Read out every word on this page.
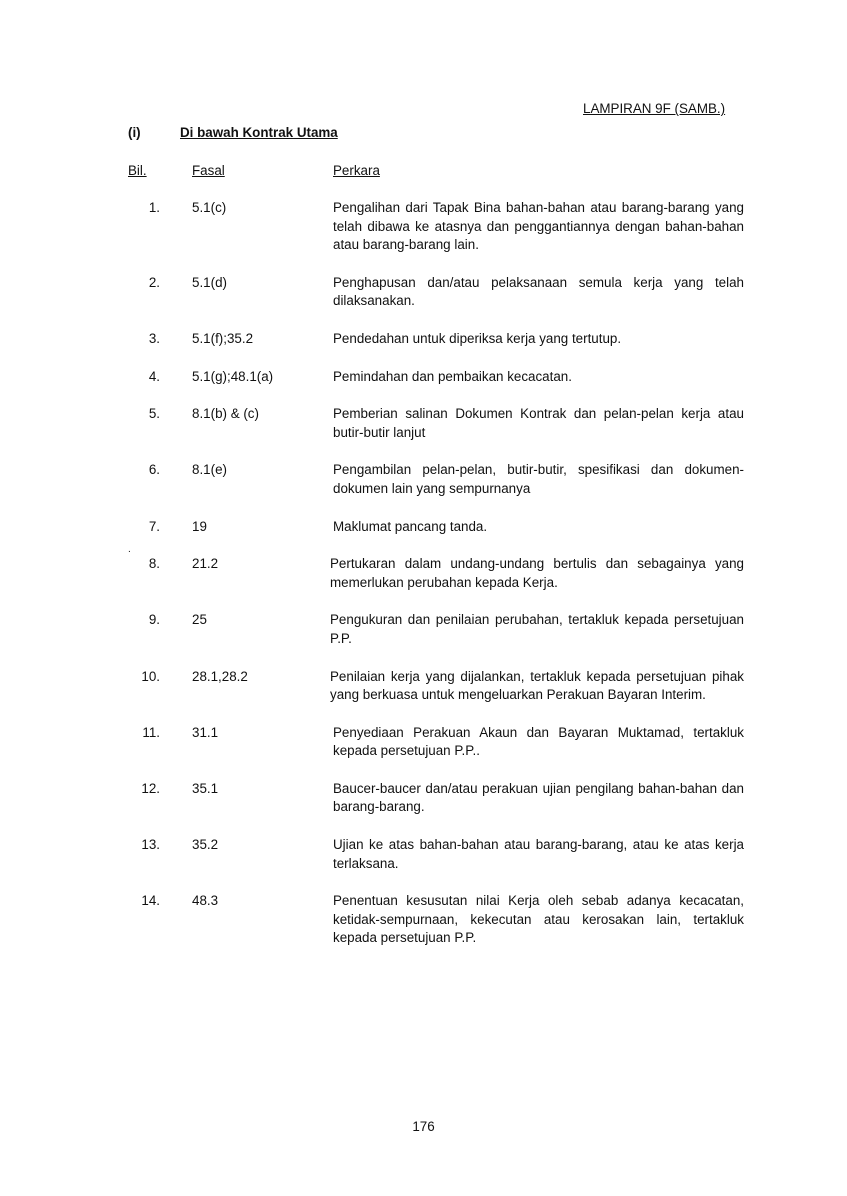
LAMPIRAN 9F (SAMB.)
(i)	Di bawah Kontrak Utama
Bil.	Fasal	Perkara
.
1. 5.1(c)	Pengalihan dari Tapak Bina bahan-bahan atau barang-barang yang telah dibawa ke atasnya dan penggantiannya dengan bahan-bahan atau barang-barang lain.
2. 5.1(d)	Penghapusan dan/atau pelaksanaan semula kerja yang telah dilaksanakan.
3. 5.1(f);35.2	Pendedahan untuk diperiksa kerja yang tertutup.
4. 5.1(g);48.1(a)	Pemindahan dan pembaikan kecacatan.
5. 8.1(b) & (c)	Pemberian salinan Dokumen Kontrak dan pelan-pelan kerja atau butir-butir lanjut
6. 8.1(e)	Pengambilan pelan-pelan, butir-butir, spesifikasi dan dokumen-dokumen lain yang sempurnanya
7. 19	Maklumat pancang tanda.
8. 21.2	Pertukaran dalam undang-undang bertulis dan sebagainya yang memerlukan perubahan kepada Kerja.
9. 25	Pengukuran dan penilaian perubahan, tertakluk kepada persetujuan P.P.
10. 28.1,28.2	Penilaian kerja yang dijalankan, tertakluk kepada persetujuan pihak yang berkuasa untuk mengeluarkan Perakuan Bayaran Interim.
11. 31.1	Penyediaan Perakuan Akaun dan Bayaran Muktamad, tertakluk kepada persetujuan P.P..
12. 35.1	Baucer-baucer dan/atau perakuan ujian pengilang bahan-bahan dan barang-barang.
13. 35.2	Ujian ke atas bahan-bahan atau barang-barang, atau ke atas kerja terlaksana.
14. 48.3	Penentuan kesusutan nilai Kerja oleh sebab adanya kecacatan, ketidak-sempurnaan, kekecutan atau kerosakan lain, tertakluk kepada persetujuan P.P.
176
